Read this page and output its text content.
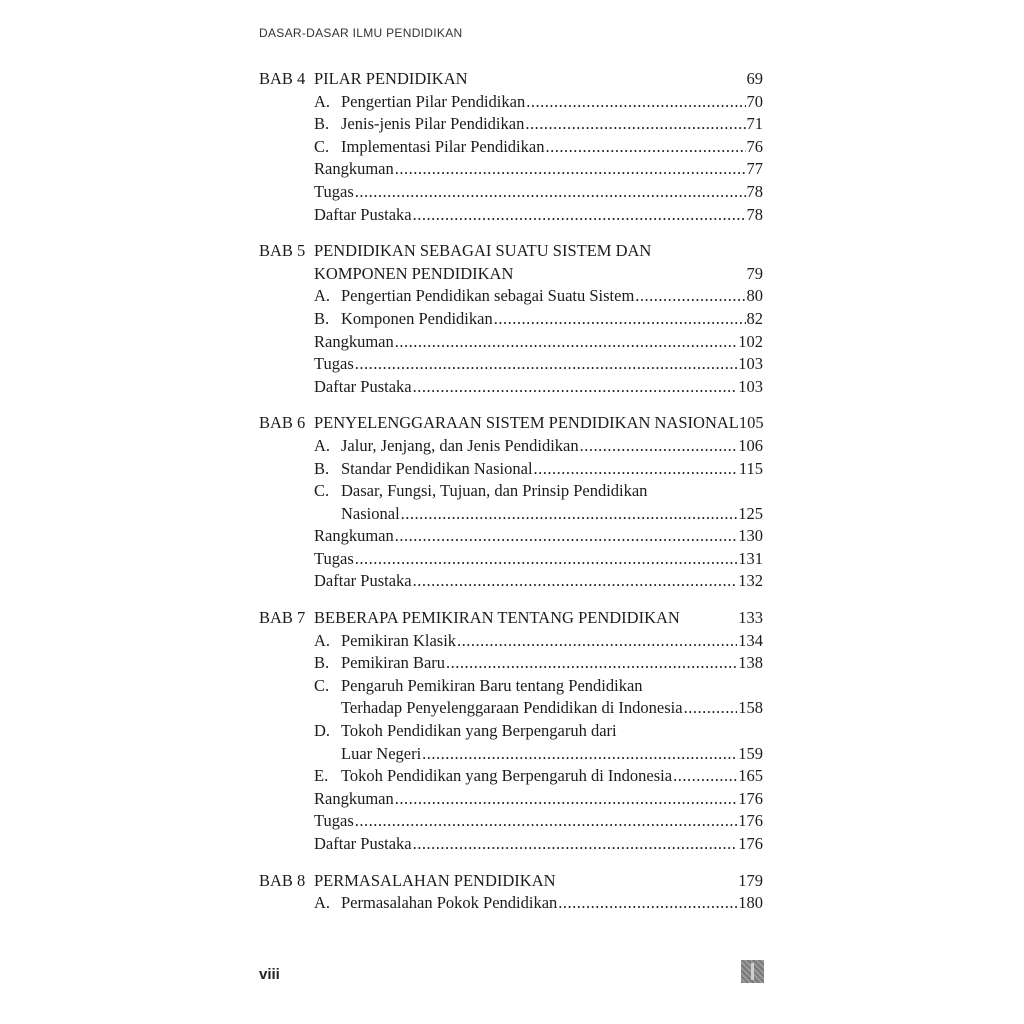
DASAR-DASAR ILMU PENDIDIKAN
BAB 4 PILAR PENDIDIKAN	69
A. Pengertian Pilar Pendidikan .....	70
B. Jenis-jenis Pilar Pendidikan .....	71
C. Implementasi Pilar Pendidikan .....	76
Rangkuman .....	77
Tugas .....	78
Daftar Pustaka .....	78
BAB 5 PENDIDIKAN SEBAGAI SUATU SISTEM DAN
KOMPONEN PENDIDIKAN	79
A. Pengertian Pendidikan sebagai Suatu Sistem .....	80
B. Komponen Pendidikan .....	82
Rangkuman .....	102
Tugas .....	103
Daftar Pustaka .....	103
BAB 6 PENYELENGGARAAN SISTEM PENDIDIKAN NASIONAL 105
A. Jalur, Jenjang, dan Jenis Pendidikan .....	106
B. Standar Pendidikan Nasional .....	115
C. Dasar, Fungsi, Tujuan, dan Prinsip Pendidikan
Nasional .....	125
Rangkuman .....	130
Tugas .....	131
Daftar Pustaka .....	132
BAB 7 BEBERAPA PEMIKIRAN TENTANG PENDIDIKAN	133
A. Pemikiran Klasik .....	134
B. Pemikiran Baru .....	138
C. Pengaruh Pemikiran Baru tentang Pendidikan
Terhadap Penyelenggaraan Pendidikan di Indonesia .....	158
D. Tokoh Pendidikan yang Berpengaruh dari
Luar Negeri .....	159
E. Tokoh Pendidikan yang Berpengaruh di Indonesia .....	165
Rangkuman .....	176
Tugas .....	176
Daftar Pustaka .....	176
BAB 8 PERMASALAHAN PENDIDIKAN	179
A. Permasalahan Pokok Pendidikan .....	180
viii
